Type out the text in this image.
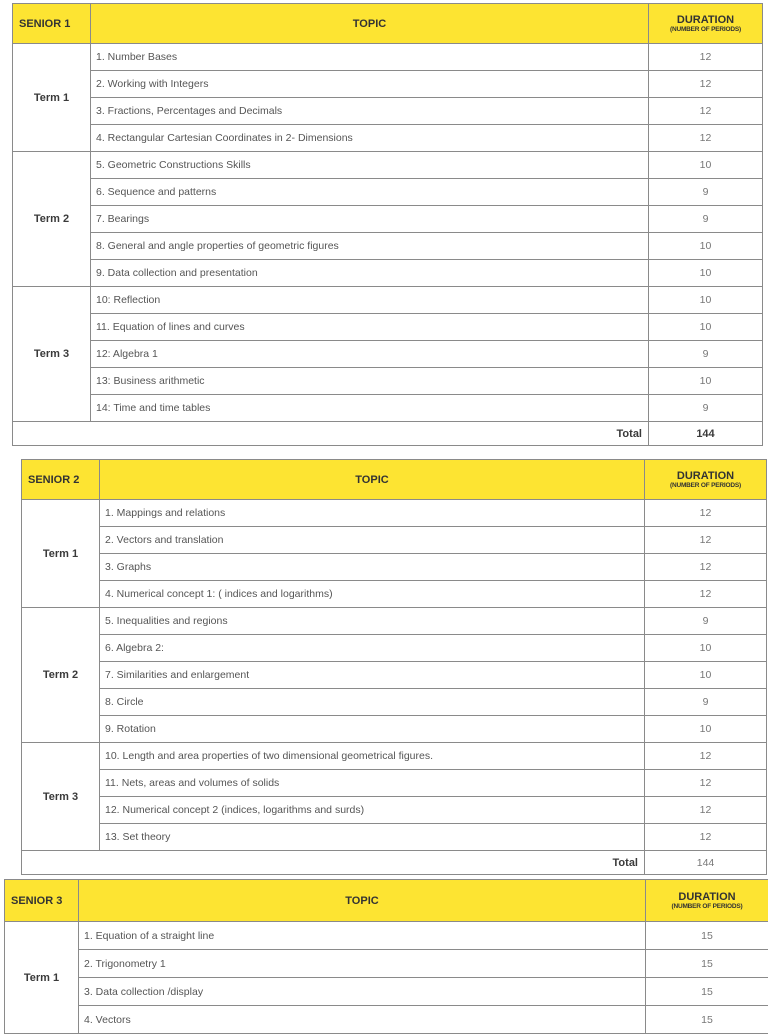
SENIOR 1	TOPIC	DURATION
(NUMBER OF PERIODS)

Term 1	1. Number Bases	12
	2. Working with Integers	12
	3. Fractions, Percentages and Decimals	12
	4. Rectangular Cartesian Coordinates in 2- Dimensions	12
Term 2	5. Geometric Constructions Skills	10
	6. Sequence and patterns	9
	7. Bearings	9
	8. General and angle properties of geometric figures	10
	9. Data collection and presentation	10
Term 3	10: Reflection	10
	11. Equation of lines and curves	10
	12: Algebra 1	9
	13: Business arithmetic	10
	14: Time and time tables	9
Total		144
SENIOR 2	TOPIC	DURATION
(NUMBER OF PERIODS)

Term 1	1. Mappings and relations	12
	2. Vectors and translation	12
	3. Graphs	12
	4. Numerical concept 1: ( indices and logarithms)	12
Term 2	5. Inequalities and regions	9
	6. Algebra 2:	10
	7. Similarities and enlargement	10
	8. Circle	9
	9. Rotation	10
Term 3	10. Length and area properties of two dimensional geometrical figures.	12
	11. Nets, areas and volumes of solids	12
	12. Numerical concept 2 (indices, logarithms and surds)	12
	13. Set theory	12
Total		144
SENIOR 3	TOPIC	DURATION
(NUMBER OF PERIODS)

Term 1	1. Equation of a straight line	15
	2. Trigonometry 1	15
	3. Data collection /display	15
	4. Vectors	15
